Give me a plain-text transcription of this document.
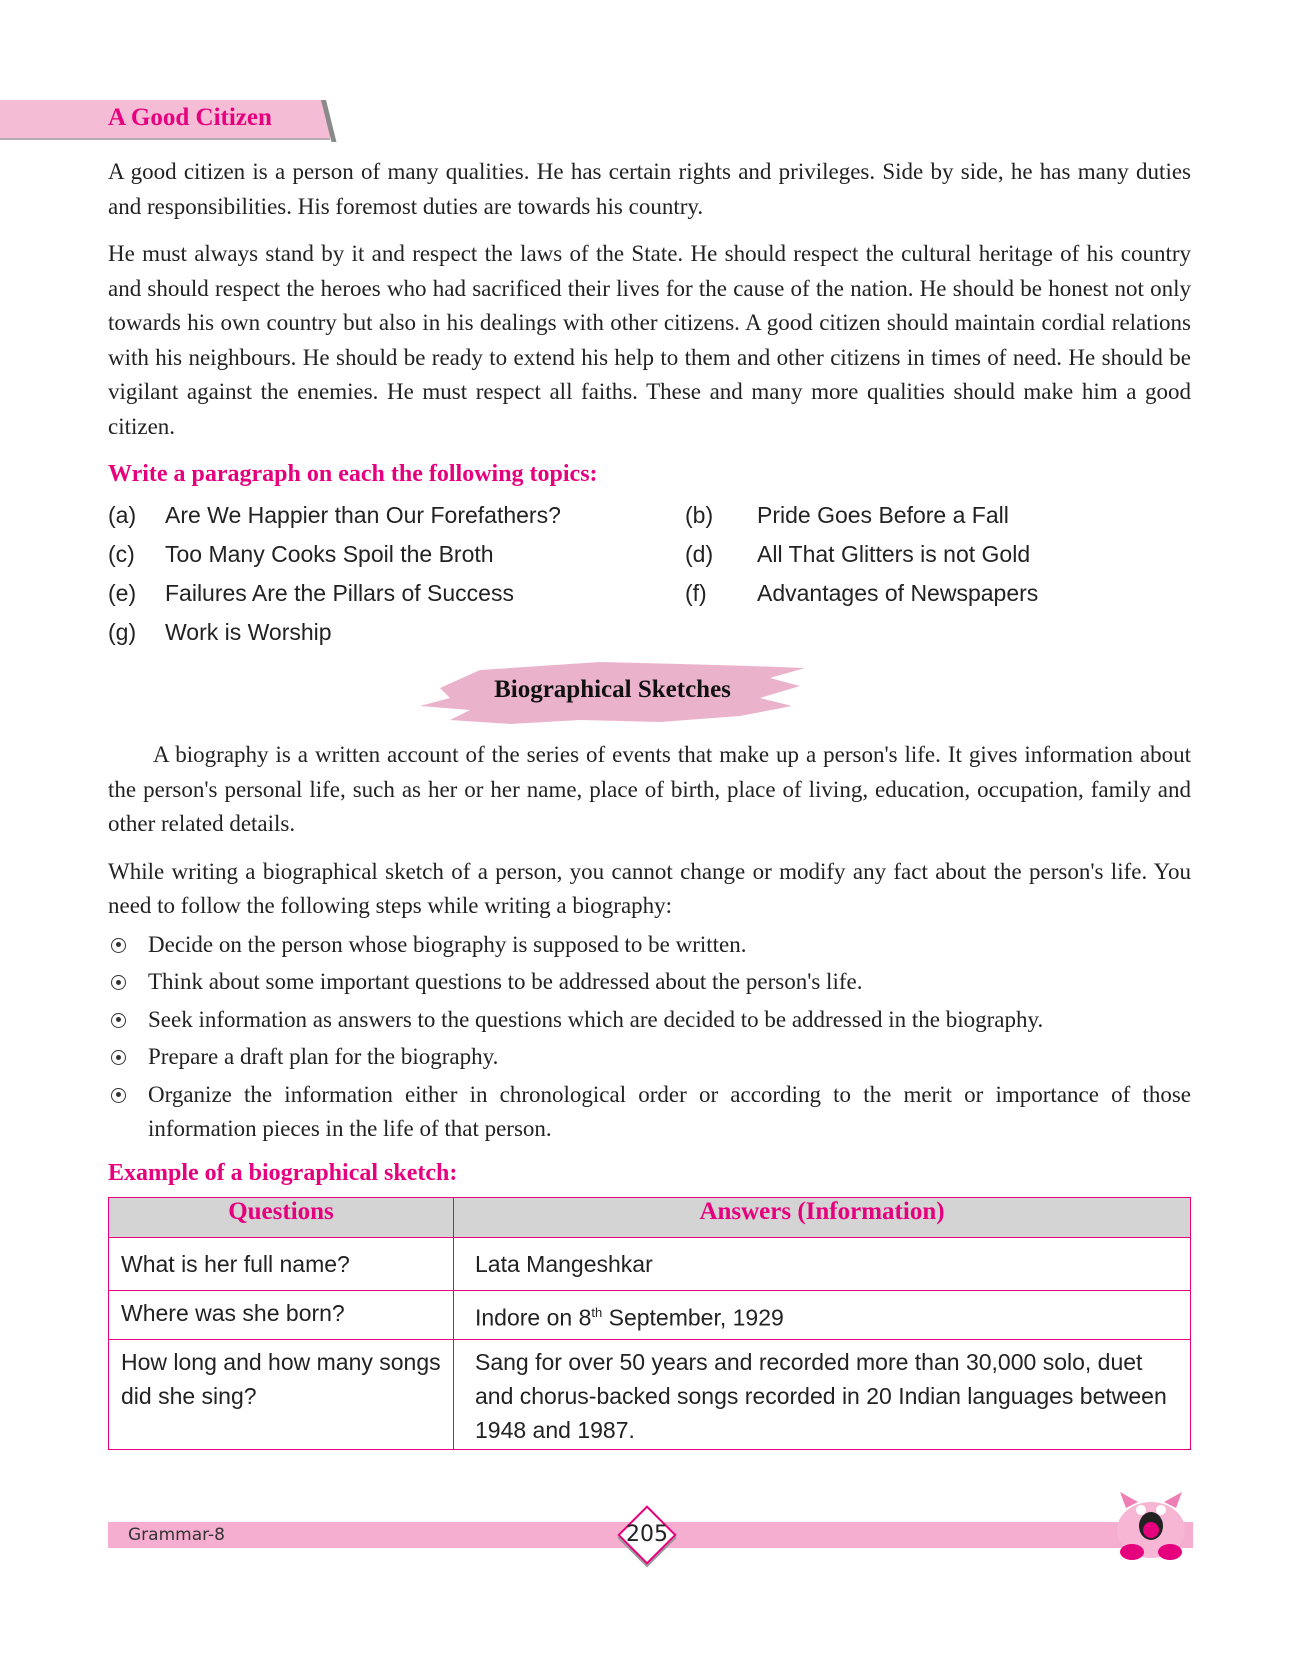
A Good Citizen

A good citizen is a person of many qualities. He has certain rights and privileges. Side by side, he has many duties and responsibilities. His foremost duties are towards his country.

He must always stand by it and respect the laws of the State. He should respect the cultural heritage of his country and should respect the heroes who had sacrificed their lives for the cause of the nation. He should be honest not only towards his own country but also in his dealings with other citizens. A good citizen should maintain cordial relations with his neighbours. He should be ready to extend his help to them and other citizens in times of need. He should be vigilant against the enemies. He must respect all faiths. These and many more qualities should make him a good citizen.

Write a paragraph on each the following topics:
(a)	Are We Happier than Our Forefathers?	(b)	Pride Goes Before a Fall
(c)	Too Many Cooks Spoil the Broth	(d)	All That Glitters is not Gold
(e)	Failures Are the Pillars of Success	(f)	Advantages of Newspapers
(g)	Work is Worship
Biographical Sketches

A biography is a written account of the series of events that make up a person's life. It gives information about the person's personal life, such as her or her name, place of birth, place of living, education, occupation, family and other related details.

While writing a biographical sketch of a person, you cannot change or modify any fact about the person's life. You need to follow the following steps while writing a biography:

Decide on the person whose biography is supposed to be written.
Think about some important questions to be addressed about the person's life.
Seek information as answers to the questions which are decided to be addressed in the biography.
Prepare a draft plan for the biography.
Organize the information either in chronological order or according to the merit or importance of those information pieces in the life of that person.
Example of a biographical sketch:
Questions	Answers (Information)
What is her full name?	Lata Mangeshkar
Where was she born?	Indore on 8th September, 1929
How long and how many songs did she sing?	Sang for over 50 years and recorded more than 30,000 solo, duet and chorus-backed songs recorded in 20 Indian languages between 1948 and 1987.
Grammar-8	205
